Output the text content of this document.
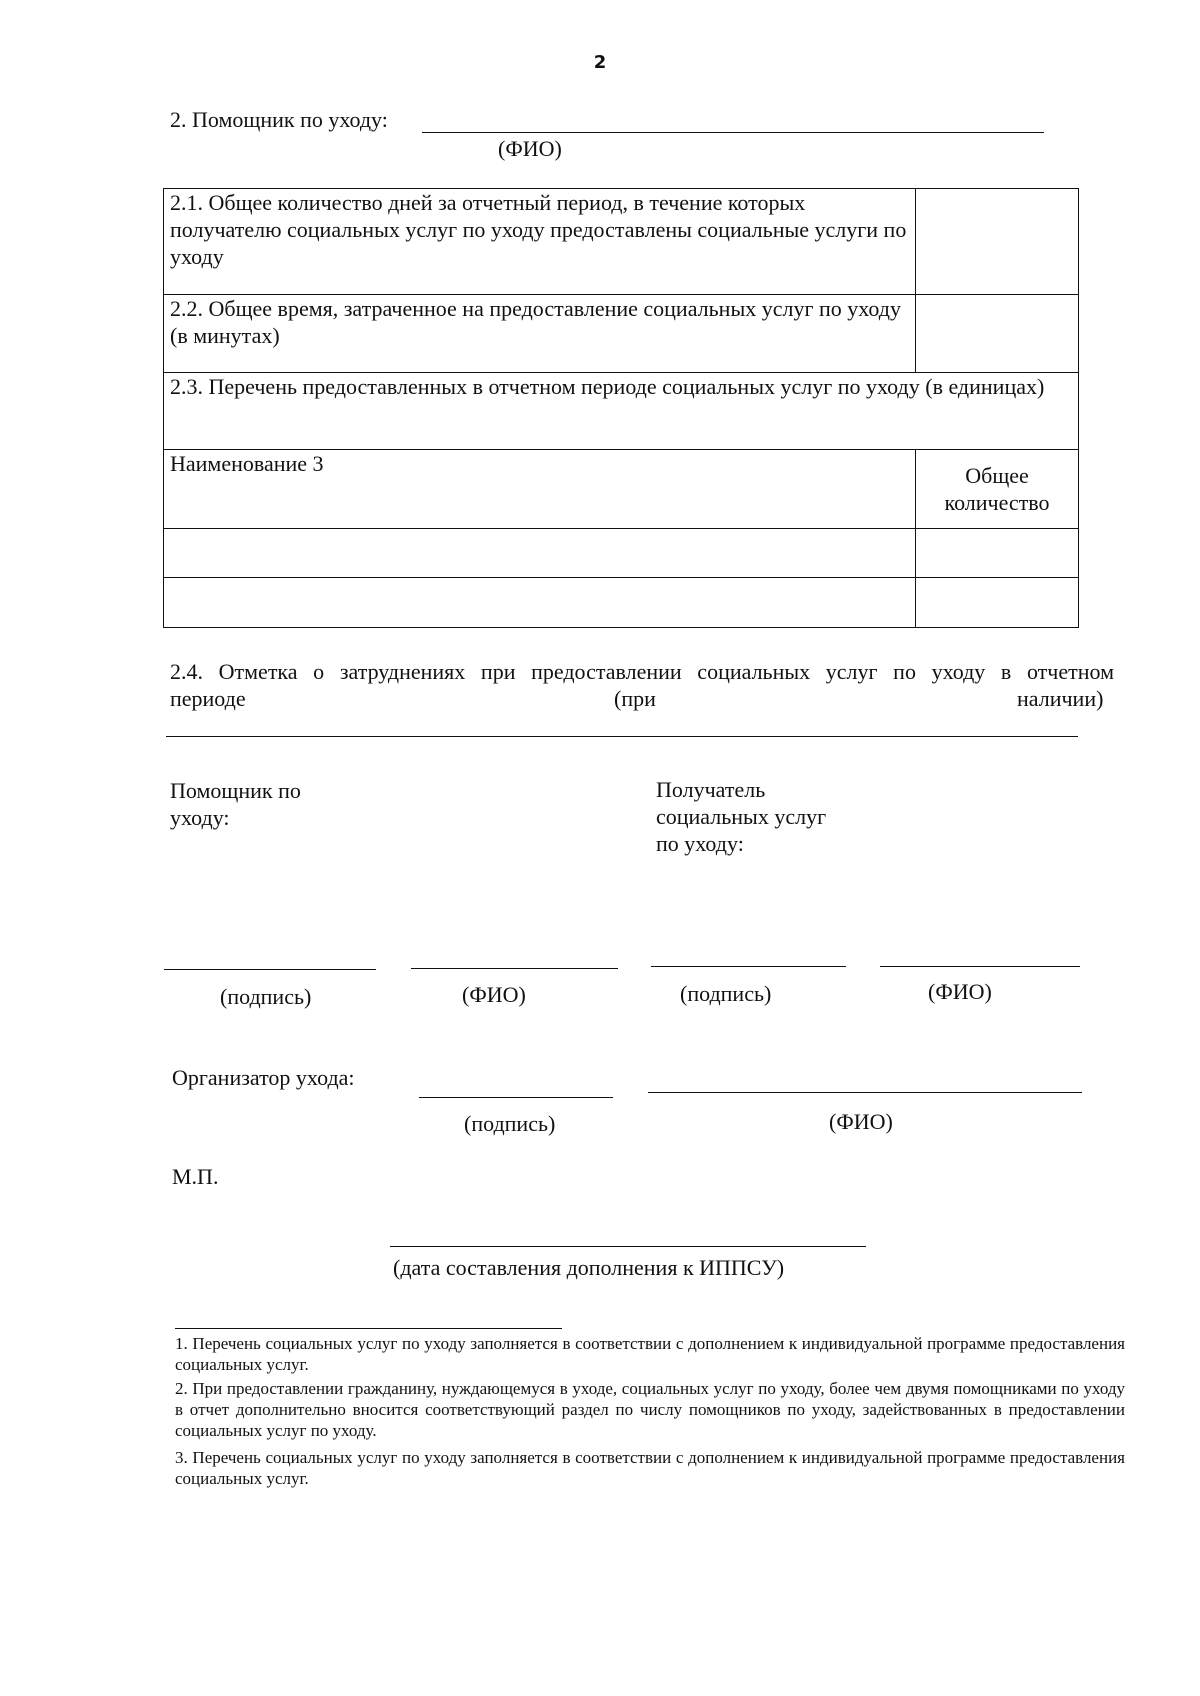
2
2. Помощник по уходу:
(ФИО)
2.1. Общее количество дней за отчетный период, в течение которых получателю социальных услуг по уходу предоставлены социальные услуги по уходу	
2.2. Общее время, затраченное на предоставление социальных услуг по уходу (в минутах)	
2.3. Перечень предоставленных в отчетном периоде социальных услуг по уходу (в единицах)	
Наименование 3	Общее количество

2.4. Отметка о затруднениях при предоставлении социальных услуг по уходу в отчетном
периоде	(при	наличии)
Помощник по уходу:
Получатель социальных услуг по уходу:
(подпись)	(ФИО)	(подпись)	(ФИО)
Организатор ухода:
(подпись)	(ФИО)
М.П.
(дата составления дополнения к ИППСУ)
1. Перечень социальных услуг по уходу заполняется в соответствии с дополнением к индивидуальной программе предоставления социальных услуг.
2. При предоставлении гражданину, нуждающемуся в уходе, социальных услуг по уходу, более чем двумя помощниками по уходу в отчет дополнительно вносится соответствующий раздел по числу помощников по уходу, задействованных в предоставлении социальных услуг по уходу.
3. Перечень социальных услуг по уходу заполняется в соответствии с дополнением к индивидуальной программе предоставления социальных услуг.
